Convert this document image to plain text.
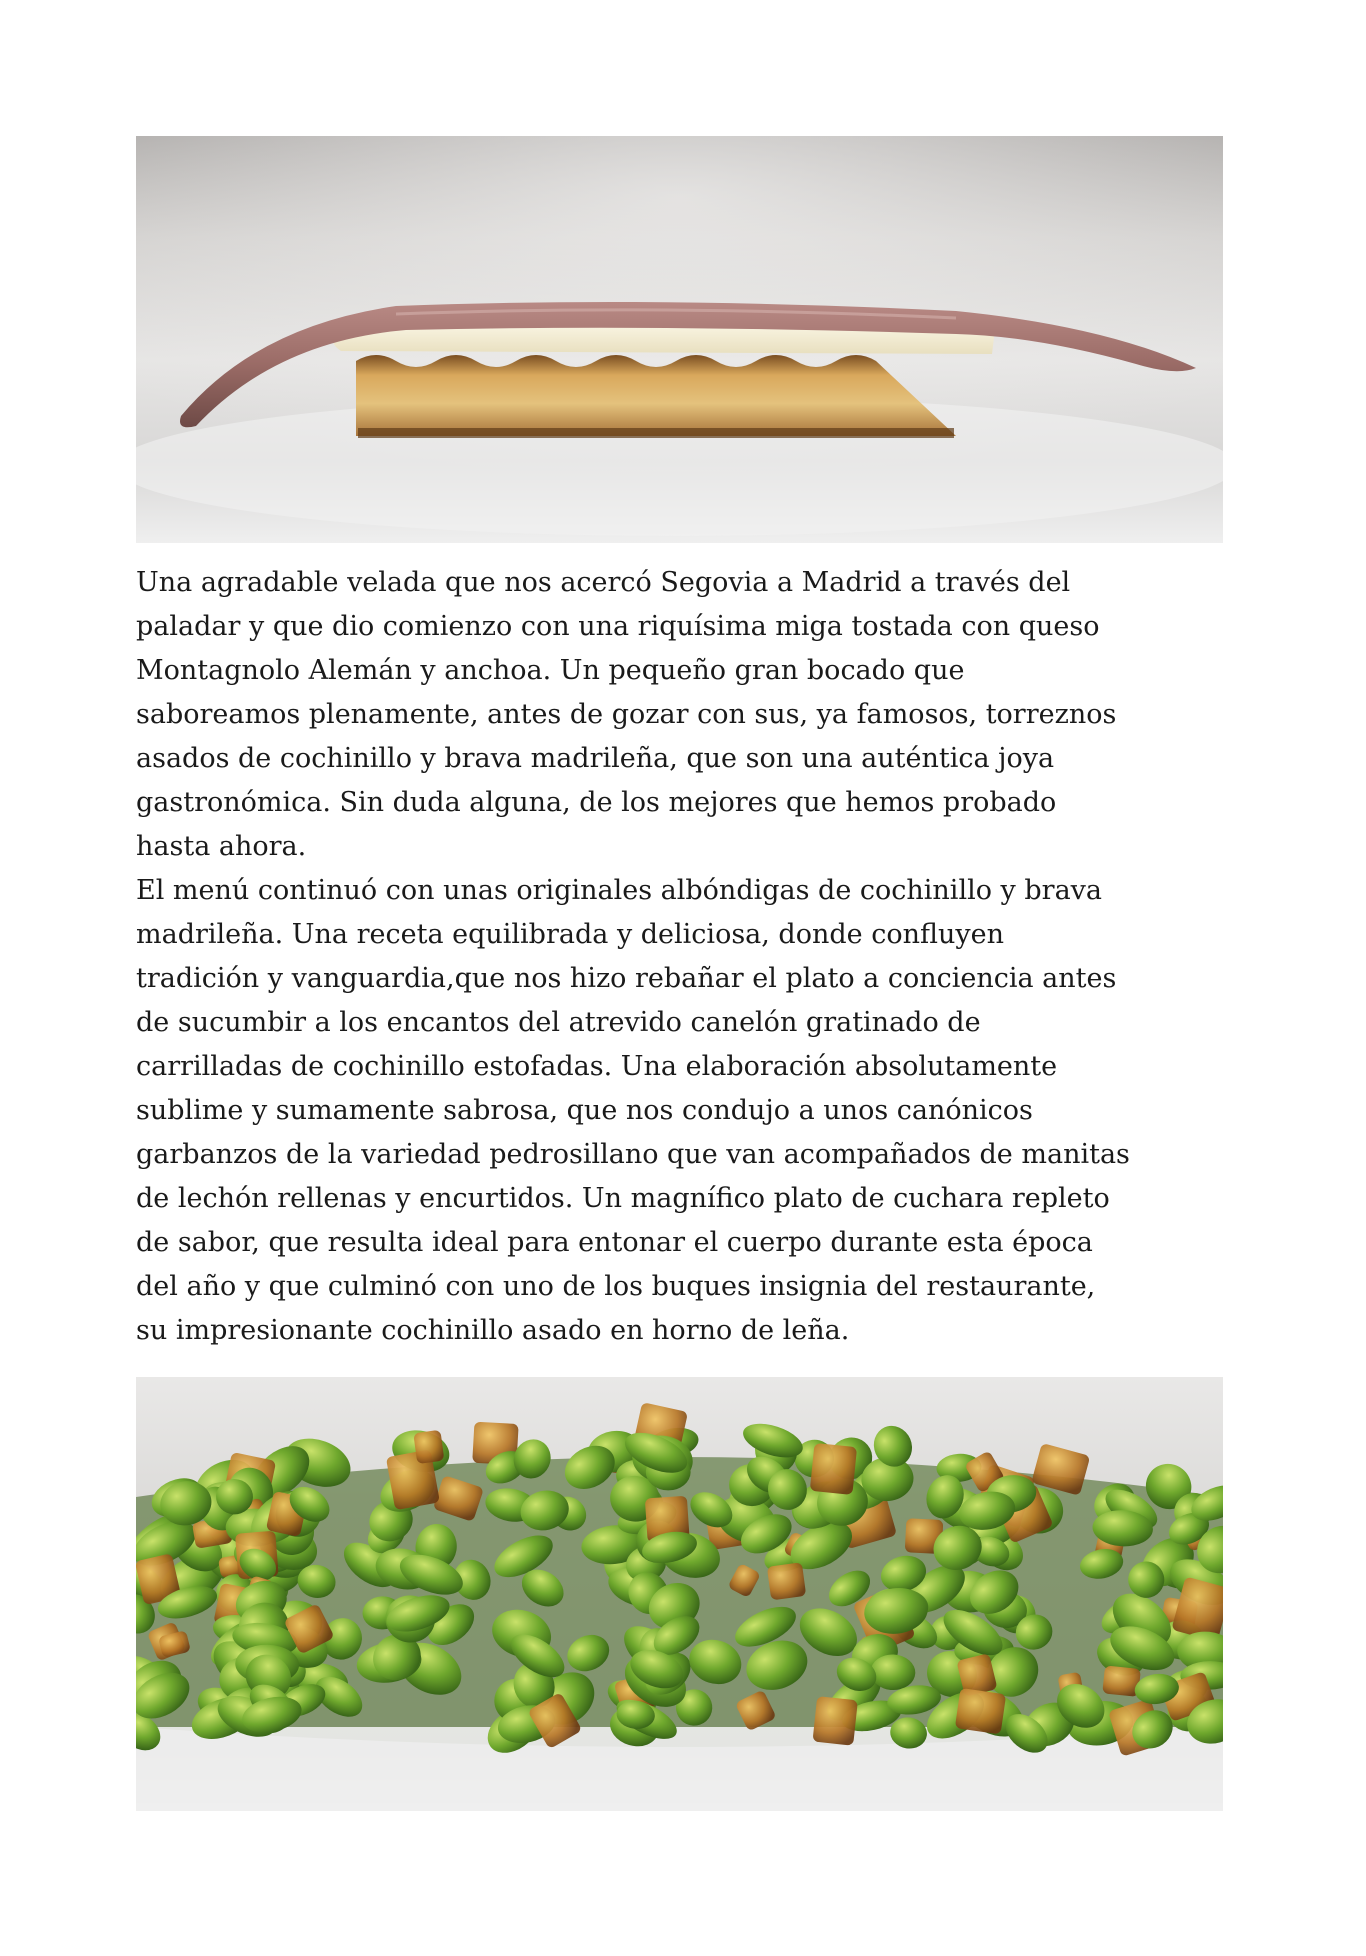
Una agradable velada que nos acercó Segovia a Madrid a través del
paladar y que dio comienzo con una riquísima miga tostada con queso
Montagnolo Alemán y anchoa. Un pequeño gran bocado que
saboreamos plenamente, antes de gozar con sus, ya famosos, torreznos
asados de cochinillo y brava madrileña, que son una auténtica joya
gastronómica. Sin duda alguna, de los mejores que hemos probado
hasta ahora.
El menú continuó con unas originales albóndigas de cochinillo y brava
madrileña. Una receta equilibrada y deliciosa, donde confluyen
tradición y vanguardia,que nos hizo rebañar el plato a conciencia antes
de sucumbir a los encantos del atrevido canelón gratinado de
carrilladas de cochinillo estofadas. Una elaboración absolutamente
sublime y sumamente sabrosa, que nos condujo a unos canónicos
garbanzos de la variedad pedrosillano que van acompañados de manitas
de lechón rellenas y encurtidos. Un magnífico plato de cuchara repleto
de sabor, que resulta ideal para entonar el cuerpo durante esta época
del año y que culminó con uno de los buques insignia del restaurante,
su impresionante cochinillo asado en horno de leña.
